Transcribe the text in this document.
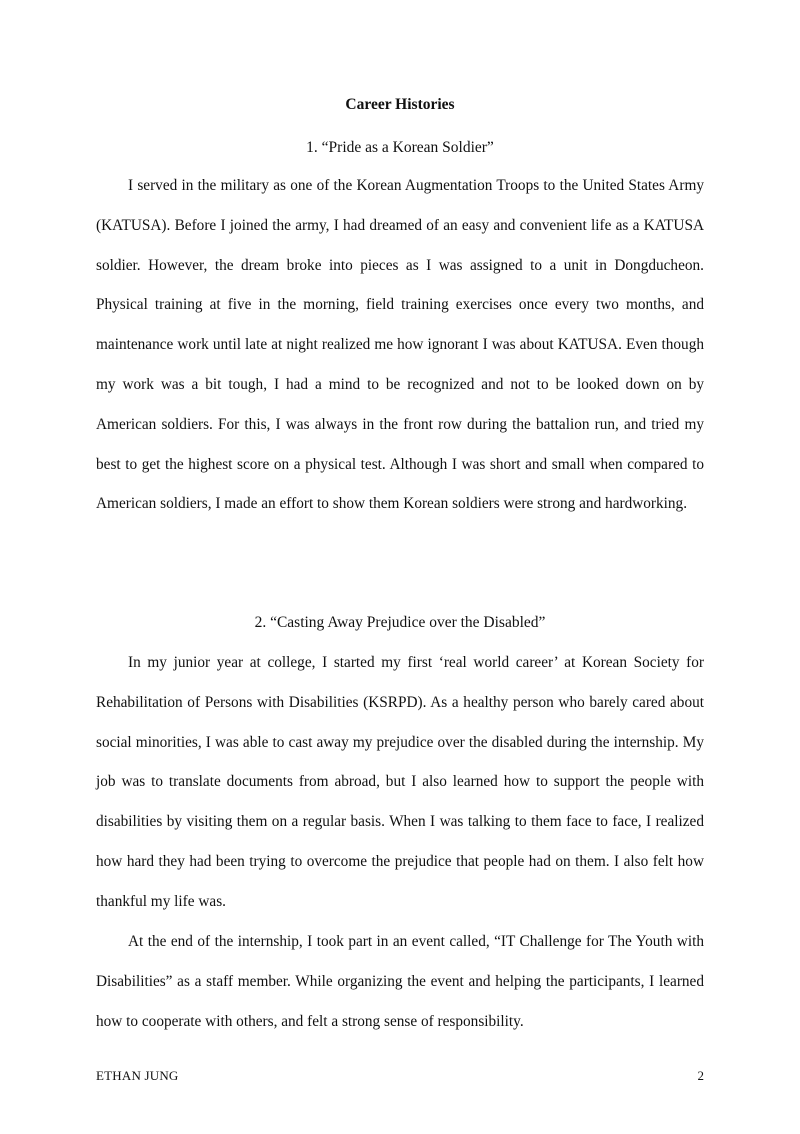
Career Histories
1. “Pride as a Korean Soldier”

I served in the military as one of the Korean Augmentation Troops to the United States Army (KATUSA). Before I joined the army, I had dreamed of an easy and convenient life as a KATUSA soldier. However, the dream broke into pieces as I was assigned to a unit in Dongducheon. Physical training at five in the morning, field training exercises once every two months, and maintenance work until late at night realized me how ignorant I was about KATUSA. Even though my work was a bit tough, I had a mind to be recognized and not to be looked down on by American soldiers. For this, I was always in the front row during the battalion run, and tried my best to get the highest score on a physical test. Although I was short and small when compared to American soldiers, I made an effort to show them Korean soldiers were strong and hardworking.

2. “Casting Away Prejudice over the Disabled”

In my junior year at college, I started my first ‘real world career’ at Korean Society for Rehabilitation of Persons with Disabilities (KSRPD). As a healthy person who barely cared about social minorities, I was able to cast away my prejudice over the disabled during the internship. My job was to translate documents from abroad, but I also learned how to support the people with disabilities by visiting them on a regular basis. When I was talking to them face to face, I realized how hard they had been trying to overcome the prejudice that people had on them. I also felt how thankful my life was.

At the end of the internship, I took part in an event called, “IT Challenge for The Youth with Disabilities” as a staff member. While organizing the event and helping the participants, I learned how to cooperate with others, and felt a strong sense of responsibility.

ETHAN JUNG	2
